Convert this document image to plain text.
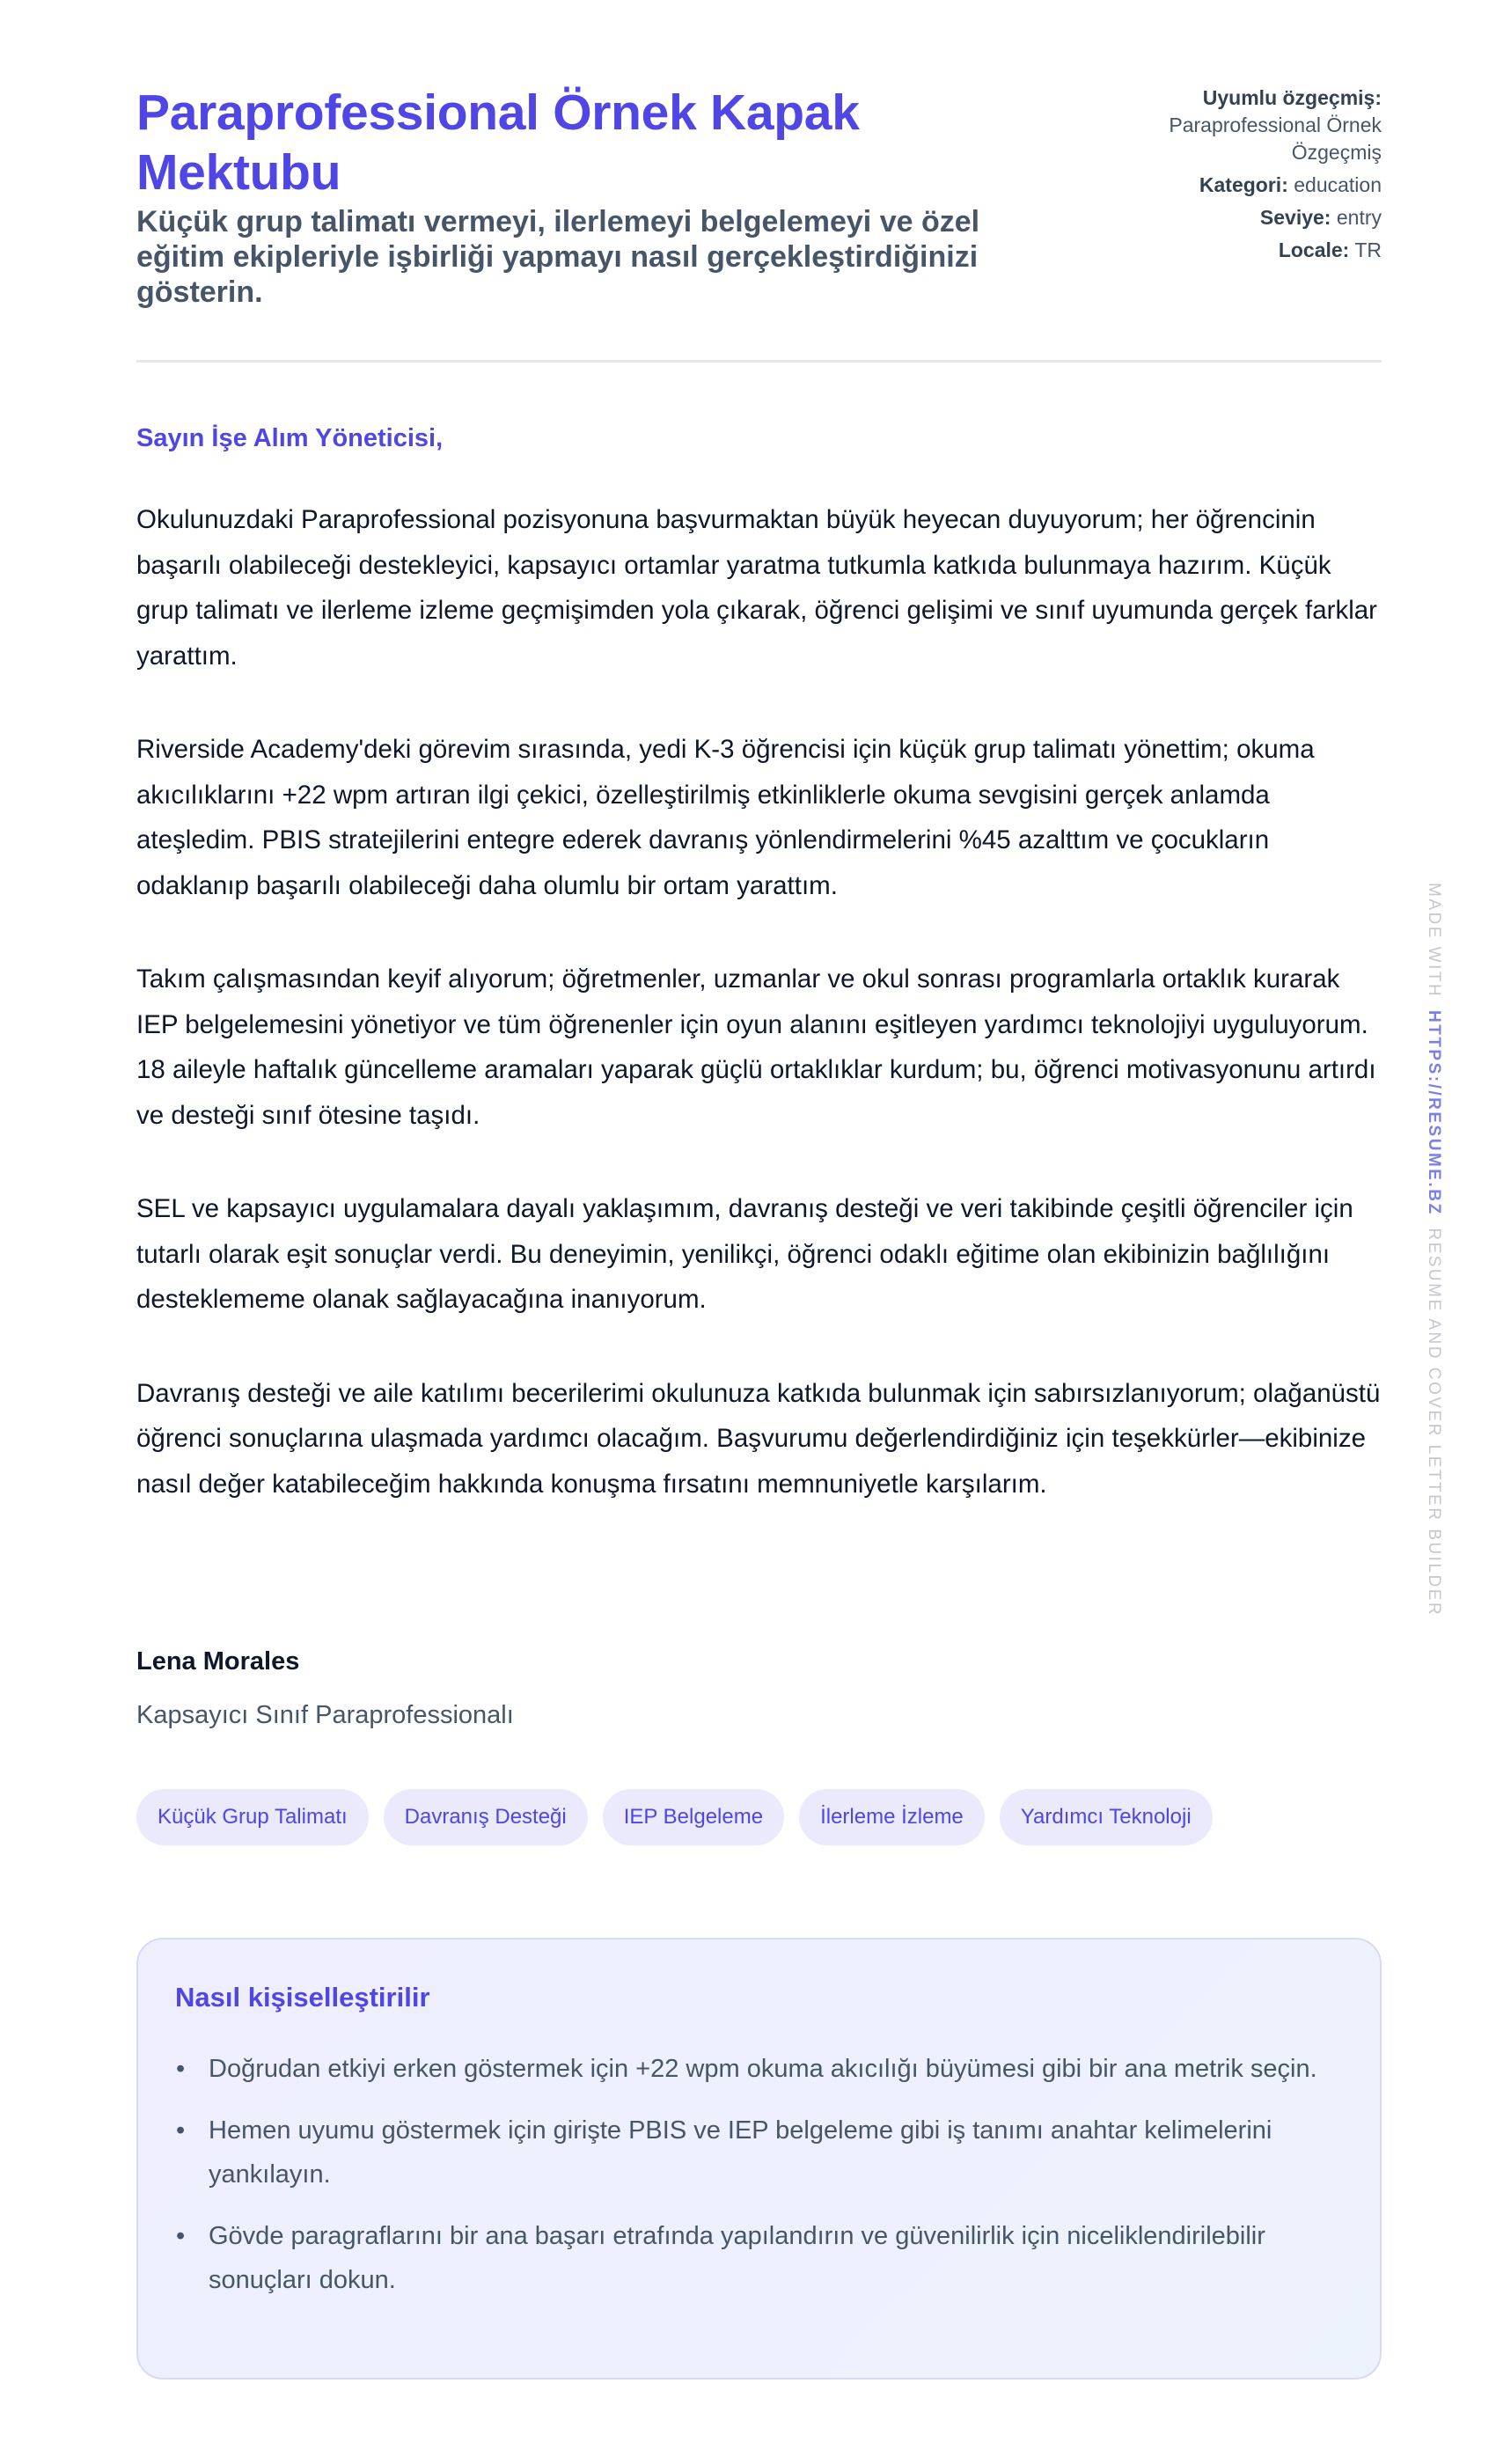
Paraprofessional Örnek Kapak Mektubu
Küçük grup talimatı vermeyi, ilerlemeyi belgelemeyi ve özel eğitim ekipleriyle işbirliği yapmayı nasıl gerçekleştirdiğinizi gösterin.
Uyumlu özgeçmiş:
Paraprofessional Örnek Özgeçmiş
Kategori: education
Seviye: entry
Locale: TR
Sayın İşe Alım Yöneticisi,

Okulunuzdaki Paraprofessional pozisyonuna başvurmaktan büyük heyecan duyuyorum; her öğrencinin başarılı olabileceği destekleyici, kapsayıcı ortamlar yaratma tutkumla katkıda bulunmaya hazırım. Küçük grup talimatı ve ilerleme izleme geçmişimden yola çıkarak, öğrenci gelişimi ve sınıf uyumunda gerçek farklar yarattım.

Riverside Academy'deki görevim sırasında, yedi K-3 öğrencisi için küçük grup talimatı yönettim; okuma akıcılıklarını +22 wpm artıran ilgi çekici, özelleştirilmiş etkinliklerle okuma sevgisini gerçek anlamda ateşledim. PBIS stratejilerini entegre ederek davranış yönlendirmelerini %45 azalttım ve çocukların odaklanıp başarılı olabileceği daha olumlu bir ortam yarattım.

Takım çalışmasından keyif alıyorum; öğretmenler, uzmanlar ve okul sonrası programlarla ortaklık kurarak IEP belgelemesini yönetiyor ve tüm öğrenenler için oyun alanını eşitleyen yardımcı teknolojiyi uyguluyorum. 18 aileyle haftalık güncelleme aramaları yaparak güçlü ortaklıklar kurdum; bu, öğrenci motivasyonunu artırdı ve desteği sınıf ötesine taşıdı.

SEL ve kapsayıcı uygulamalara dayalı yaklaşımım, davranış desteği ve veri takibinde çeşitli öğrenciler için tutarlı olarak eşit sonuçlar verdi. Bu deneyimin, yenilikçi, öğrenci odaklı eğitime olan ekibinizin bağlılığını desteklememe olanak sağlayacağına inanıyorum.

Davranış desteği ve aile katılımı becerilerimi okulunuza katkıda bulunmak için sabırsızlanıyorum; olağanüstü öğrenci sonuçlarına ulaşmada yardımcı olacağım. Başvurumu değerlendirdiğiniz için teşekkürler—ekibinize nasıl değer katabileceğim hakkında konuşma fırsatını memnuniyetle karşılarım.

Lena Morales
Kapsayıcı Sınıf Paraprofessionalı
Küçük Grup Talimatı	Davranış Desteği	IEP Belgeleme	İlerleme İzleme	Yardımcı Teknoloji
Nasıl kişiselleştirilir
• Doğrudan etkiyi erken göstermek için +22 wpm okuma akıcılığı büyümesi gibi bir ana metrik seçin.
• Hemen uyumu göstermek için girişte PBIS ve IEP belgeleme gibi iş tanımı anahtar kelimelerini yankılayın.
• Gövde paragraflarını bir ana başarı etrafında yapılandırın ve güvenilirlik için niceliklendirilebilir sonuçları dokun.
MADE WITH HTTPS://RESUME.BZ RESUME AND COVER LETTER BUILDER
